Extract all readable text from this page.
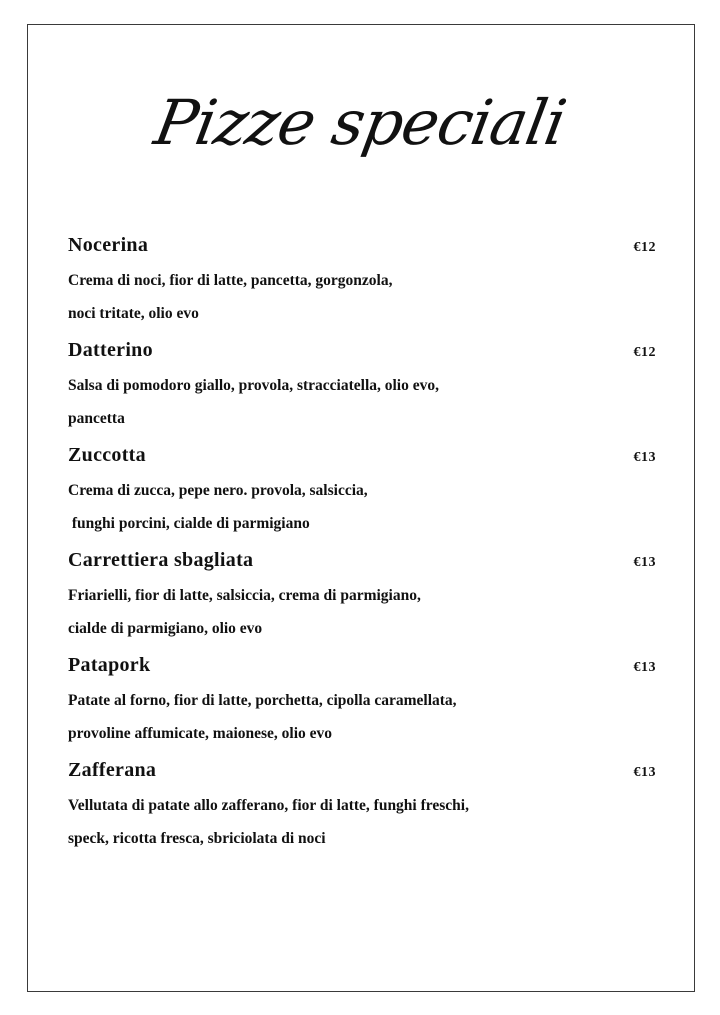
Pizze speciali
Nocerina	€12
Crema di noci, fior di latte, pancetta, gorgonzola,
noci tritate, olio evo
Datterino	€12
Salsa di pomodoro giallo, provola, stracciatella, olio evo,
pancetta
Zuccotta	€13
Crema di zucca, pepe nero. provola, salsiccia,
funghi porcini, cialde di parmigiano
Carrettiera sbagliata	€13
Friarielli, fior di latte, salsiccia, crema di parmigiano,
cialde di parmigiano, olio evo
Patapork	€13
Patate al forno, fior di latte, porchetta, cipolla caramellata,
provoline affumicate, maionese, olio evo
Zafferana	€13
Vellutata di patate allo zafferano, fior di latte, funghi freschi,
speck, ricotta fresca, sbriciolata di noci
